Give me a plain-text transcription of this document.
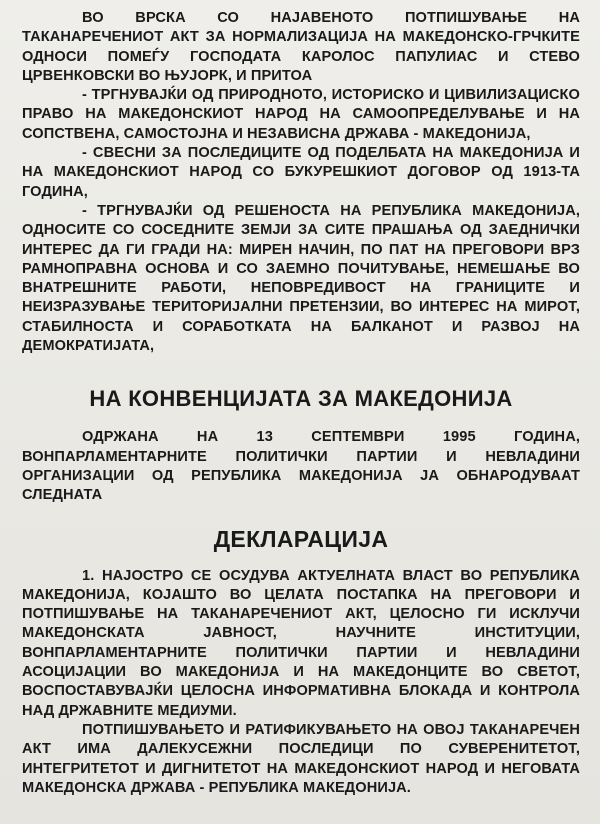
ВО ВРСКА СО НАЈАВЕНОТО ПОТПИШУВАЊЕ НА ТАКАНАРЕЧЕНИОТ АКТ ЗА НОРМАЛИЗАЦИЈА НА МАКЕДОНСКО-ГРЧКИТЕ ОДНОСИ ПОМЕЃУ ГОСПОДАТА КАРОЛОС ПАПУЛИАС И СТЕВО ЦРВЕНКОВСКИ ВО ЊУЈОРК, И ПРИТОА

- ТРГНУВАЈЌИ ОД ПРИРОДНОТО, ИСТОРИСКО И ЦИВИЛИЗАЦИСКО ПРАВО НА МАКЕДОНСКИОТ НАРОД НА САМООПРЕДЕЛУВАЊЕ И НА СОПСТВЕНА, САМОСТОЈНА И НЕЗАВИСНА ДРЖАВА - МАКЕДОНИЈА,

- СВЕСНИ ЗА ПОСЛЕДИЦИТЕ ОД ПОДЕЛБАТА НА МАКЕДОНИЈА И НА МАКЕДОНСКИОТ НАРОД СО БУКУРЕШКИОТ ДОГОВОР ОД 1913-ТА ГОДИНА,

- ТРГНУВАЈЌИ ОД РЕШЕНОСТА НА РЕПУБЛИКА МАКЕДОНИЈА, ОДНОСИТЕ СО СОСЕДНИТЕ ЗЕМЈИ ЗА СИТЕ ПРАШАЊА ОД ЗАЕДНИЧКИ ИНТЕРЕС ДА ГИ ГРАДИ НА: МИРЕН НАЧИН, ПО ПАТ НА ПРЕГОВОРИ ВРЗ РАМНОПРАВНА ОСНОВА И СО ЗАЕМНО ПОЧИТУВАЊЕ, НЕМЕШАЊЕ ВО ВНАТРЕШНИТЕ РАБОТИ, НЕПОВРЕДИВОСТ НА ГРАНИЦИТЕ И НЕИЗРАЗУВАЊЕ ТЕРИТОРИЈАЛНИ ПРЕТЕНЗИИ, ВО ИНТЕРЕС НА МИРОТ, СТАБИЛНОСТА И СОРАБОТКАТА НА БАЛКАНОТ И РАЗВОЈ НА ДЕМОКРАТИЈАТА,

НА КОНВЕНЦИЈАТА ЗА МАКЕДОНИЈА

ОДРЖАНА НА 13 СЕПТЕМВРИ 1995 ГОДИНА, ВОНПАРЛАМЕНТАРНИТЕ ПОЛИТИЧКИ ПАРТИИ И НЕВЛАДИНИ ОРГАНИЗАЦИИ ОД РЕПУБЛИКА МАКЕДОНИЈА ЈА ОБНАРОДУВААТ СЛЕДНАТА

ДЕКЛАРАЦИЈА

1. НАЈОСТРО СЕ ОСУДУВА АКТУЕЛНАТА ВЛАСТ ВО РЕПУБЛИКА МАКЕДОНИЈА, КОЈАШТО ВО ЦЕЛАТА ПОСТАПКА НА ПРЕГОВОРИ И ПОТПИШУВАЊЕ НА ТАКАНАРЕЧЕНИОТ АКТ, ЦЕЛОСНО ГИ ИСКЛУЧИ МАКЕДОНСКАТА ЈАВНОСТ, НАУЧНИТЕ ИНСТИТУЦИИ, ВОНПАРЛАМЕНТАРНИТЕ ПОЛИТИЧКИ ПАРТИИ И НЕВЛАДИНИ АСОЦИЈАЦИИ ВО МАКЕДОНИЈА И НА МАКЕДОНЦИТЕ ВО СВЕТОТ, ВОСПОСТАВУВАЈЌИ ЦЕЛОСНА ИНФОРМАТИВНА БЛОКАДА И КОНТРОЛА НАД ДРЖАВНИТЕ МЕДИУМИ.

ПОТПИШУВАЊЕТО И РАТИФИКУВАЊЕТО НА ОВОЈ ТАКАНАРЕЧЕН АКТ ИМА ДАЛЕКУСЕЖНИ ПОСЛЕДИЦИ ПО СУВЕРЕНИТЕТОТ, ИНТЕГРИТЕТОТ И ДИГНИТЕТОТ НА МАКЕДОНСКИОТ НАРОД И НЕГОВАТА МАКЕДОНСКА ДРЖАВА - РЕПУБЛИКА МАКЕДОНИЈА.
